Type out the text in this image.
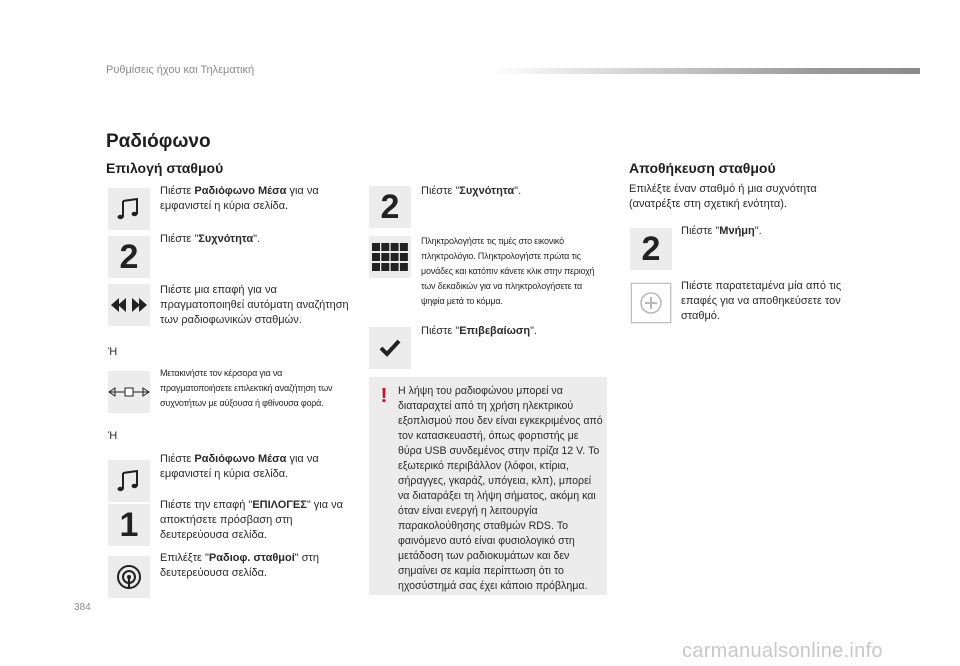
Ρυθμίσεις ήχου και Τηλεματική
Ραδιόφωνο
Επιλογή σταθμού
Πιέστε Ραδιόφωνο Μέσα για να εμφανιστεί η κύρια σελίδα.
2 Πιέστε "Συχνότητα".
Πιέστε μια επαφή για να πραγματοποιηθεί αυτόματη αναζήτηση των ραδιοφωνικών σταθμών.
Ή
Μετακινήστε τον κέρσορα για να πραγματοποιήσετε επιλεκτική αναζήτηση των συχνοτήτων με αύξουσα ή φθίνουσα φορά.
Ή
Πιέστε Ραδιόφωνο Μέσα για να εμφανιστεί η κύρια σελίδα.
1
Πιέστε την επαφή "ΕΠΙΛΟΓΕΣ" για να αποκτήσετε πρόσβαση στη δευτερεύουσα σελίδα.
Επιλέξτε "Ραδιοφ. σταθμοί" στη δευτερεύουσα σελίδα.
2 Πιέστε "Συχνότητα".
Πληκτρολογήστε τις τιμές στο εικονικό πληκτρολόγιο. Πληκτρολογήστε πρώτα τις μονάδες και κατόπιν κάνετε κλικ στην περιοχή των δεκαδικών για να πληκτρολογήσετε τα ψηφία μετά το κόμμα.
Πιέστε "Επιβεβαίωση".
!	Η λήψη του ραδιοφώνου μπορεί να διαταραχτεί από τη χρήση ηλεκτρικού εξοπλισμού που δεν είναι εγκεκριμένος από τον κατασκευαστή, όπως φορτιστής με θύρα USB συνδεμένος στην πρίζα 12 V. Το εξωτερικό περιβάλλον (λόφοι, κτίρια, σήραγγες, γκαράζ, υπόγεια, κλπ), μπορεί να διαταράξει τη λήψη σήματος, ακόμη και όταν είναι ενεργή η λειτουργία παρακολούθησης σταθμών RDS. Το φαινόμενο αυτό είναι φυσιολογικό στη μετάδοση των ραδιοκυμάτων και δεν σημαίνει σε καμία περίπτωση ότι το ηχοσύστημά σας έχει κάποιο πρόβλημα.
Αποθήκευση σταθμού
Επιλέξτε έναν σταθμό ή μια συχνότητα (ανατρέξτε στη σχετική ενότητα).
2 Πιέστε "Μνήμη".
Πιέστε παρατεταμένα μία από τις επαφές για να αποθηκεύσετε τον σταθμό.
384
carmanualsonline.info
